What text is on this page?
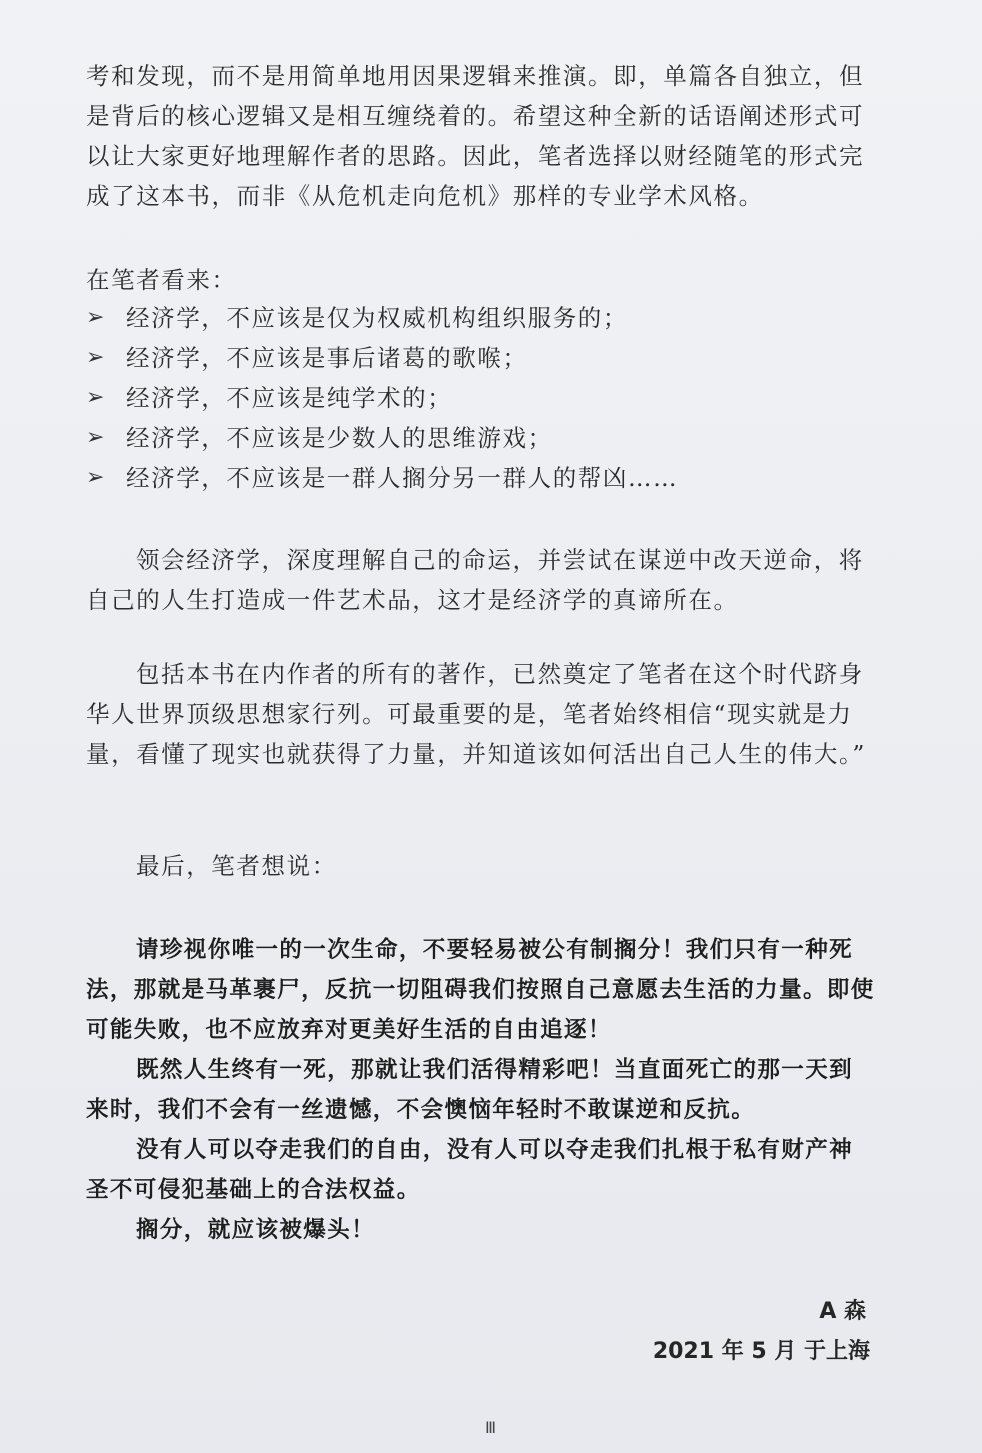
考和发现，而不是用简单地用因果逻辑来推演。即，单篇各自独立，但是背后的核心逻辑又是相互缠绕着的。希望这种全新的话语阐述形式可以让大家更好地理解作者的思路。因此，笔者选择以财经随笔的形式完成了这本书，而非《从危机走向危机》那样的专业学术风格。

在笔者看来：

➢ 经济学，不应该是仅为权威机构组织服务的；
➢ 经济学，不应该是事后诸葛的歌喉；
➢ 经济学，不应该是纯学术的；
➢ 经济学，不应该是少数人的思维游戏；
➢ 经济学，不应该是一群人搁分另一群人的帮凶……

领会经济学，深度理解自己的命运，并尝试在谋逆中改天逆命，将自己的人生打造成一件艺术品，这才是经济学的真谛所在。

包括本书在内作者的所有的著作，已然奠定了笔者在这个时代跻身华人世界顶级思想家行列。可最重要的是，笔者始终相信“现实就是力量，看懂了现实也就获得了力量，并知道该如何活出自己人生的伟大。”

最后，笔者想说：

请珍视你唯一的一次生命，不要轻易被公有制搁分！我们只有一种死法，那就是马革裹尸，反抗一切阻碍我们按照自己意愿去生活的力量。即使可能失败，也不应放弃对更美好生活的自由追逐！

既然人生终有一死，那就让我们活得精彩吧！当直面死亡的那一天到来时，我们不会有一丝遗憾，不会懊恼年轻时不敢谋逆和反抗。

没有人可以夺走我们的自由，没有人可以夺走我们扎根于私有财产神圣不可侵犯基础上的合法权益。

搁分，就应该被爆头！

A 森
2021 年 5 月 于上海
Ⅲ
